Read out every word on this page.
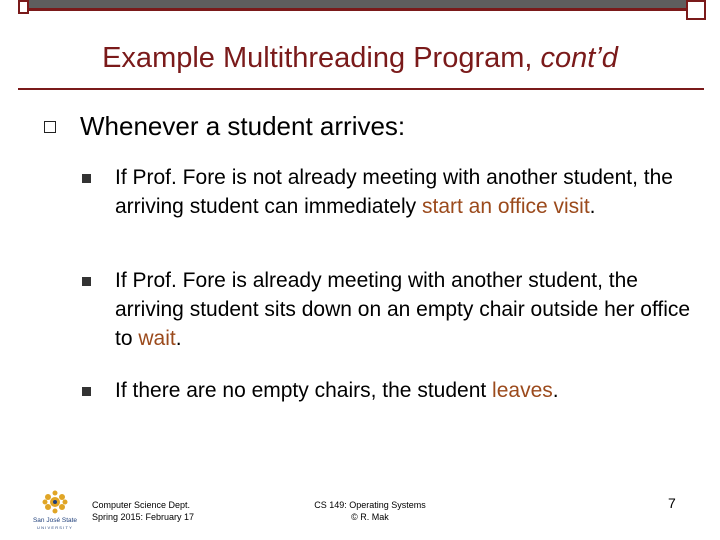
Example Multithreading Program, cont’d
Whenever a student arrives:
If Prof. Fore is not already meeting with another student, the arriving student can immediately start an office visit.
If Prof. Fore is already meeting with another student, the arriving student sits down on an empty chair outside her office to wait.
If there are no empty chairs, the student leaves.
San José State
UNIVERSITY
Computer Science Dept.
Spring 2015: February 17
CS 149: Operating Systems
© R. Mak
7
